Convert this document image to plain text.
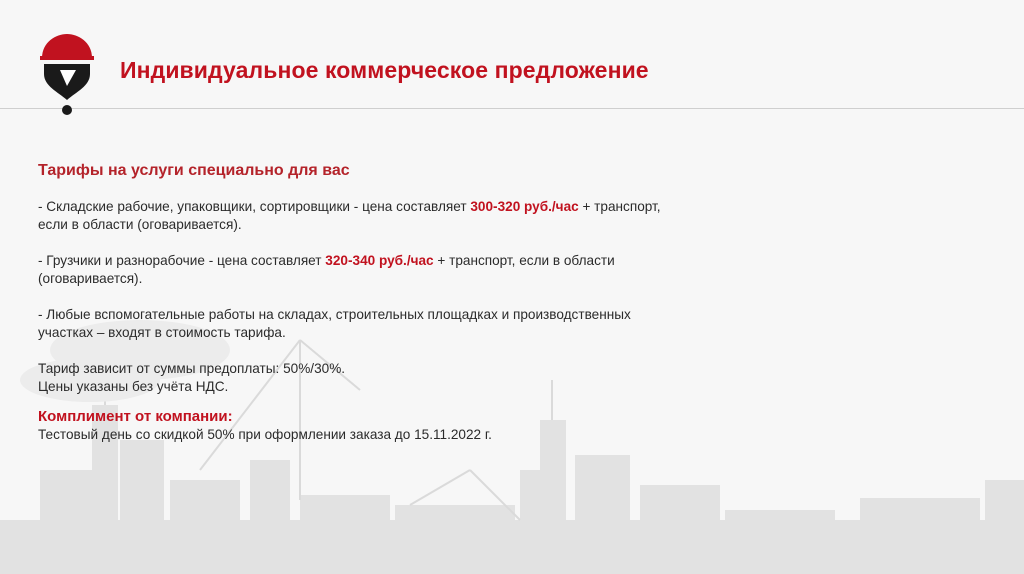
Индивидуальное коммерческое предложение

Тарифы на услуги специально для вас

- Складские рабочие, упаковщики, сортировщики - цена составляет 300-320 руб./час + транспорт,
если в области (оговаривается).

- Грузчики и разнорабочие - цена составляет 320-340 руб./час + транспорт, если в области
(оговаривается).

- Любые вспомогательные работы на складах, строительных площадках и производственных
участках – входят в стоимость тарифа.

Тариф зависит от суммы предоплаты: 50%/30%.
Цены указаны без учёта НДС.

Комплимент от компании:

Тестовый день со скидкой 50% при оформлении заказа до 15.11.2022 г.
